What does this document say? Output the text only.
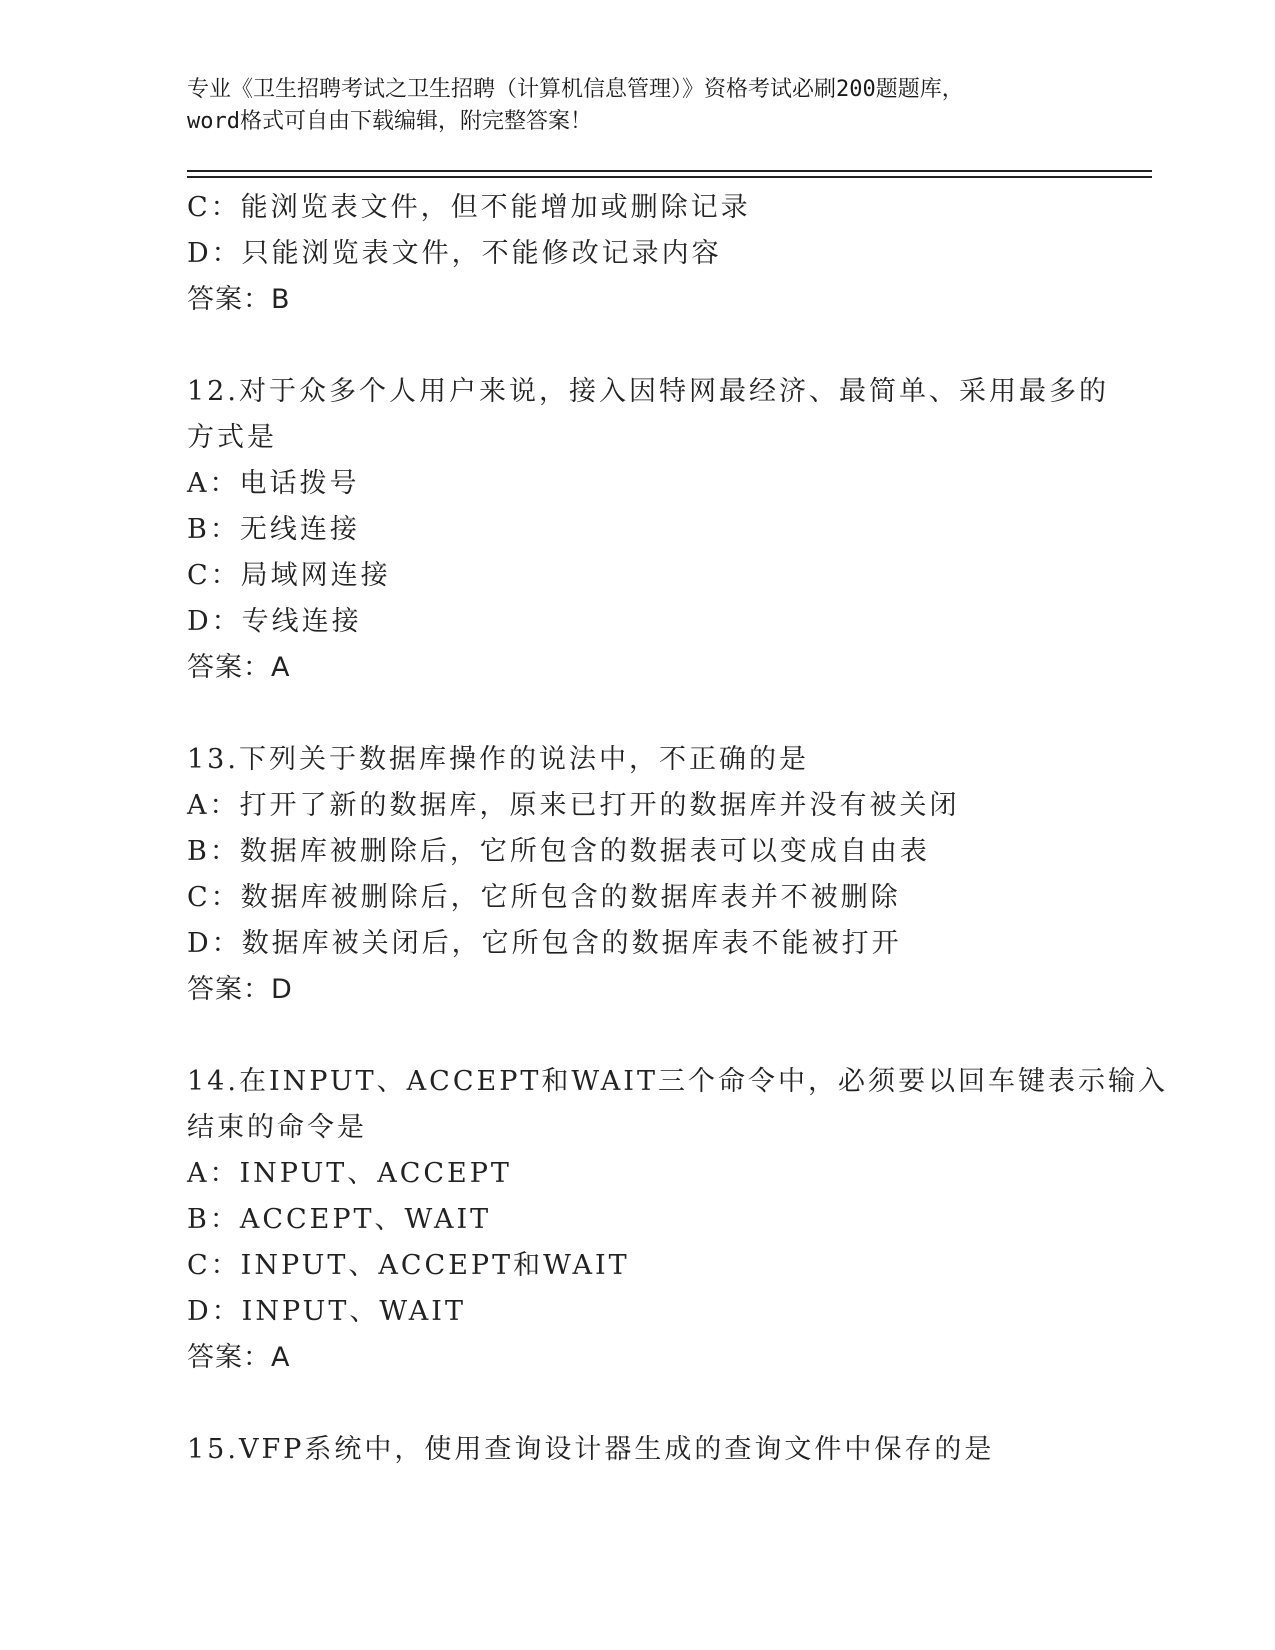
专业《卫生招聘考试之卫生招聘（计算机信息管理）》资格考试必刷200题题库，
word格式可自由下载编辑，附完整答案！
C：能浏览表文件，但不能增加或删除记录
D：只能浏览表文件，不能修改记录内容
答案：B
12.对于众多个人用户来说，接入因特网最经济、最简单、采用最多的
方式是
A：电话拨号
B：无线连接
C：局域网连接
D：专线连接
答案：A
13.下列关于数据库操作的说法中，不正确的是
A：打开了新的数据库，原来已打开的数据库并没有被关闭
B：数据库被删除后，它所包含的数据表可以变成自由表
C：数据库被删除后，它所包含的数据库表并不被删除
D：数据库被关闭后，它所包含的数据库表不能被打开
答案：D
14.在INPUT、ACCEPT和WAIT三个命令中，必须要以回车键表示输入
结束的命令是
A：INPUT、ACCEPT
B：ACCEPT、WAIT
C：INPUT、ACCEPT和WAIT
D：INPUT、WAIT
答案：A
15.VFP系统中，使用查询设计器生成的查询文件中保存的是
